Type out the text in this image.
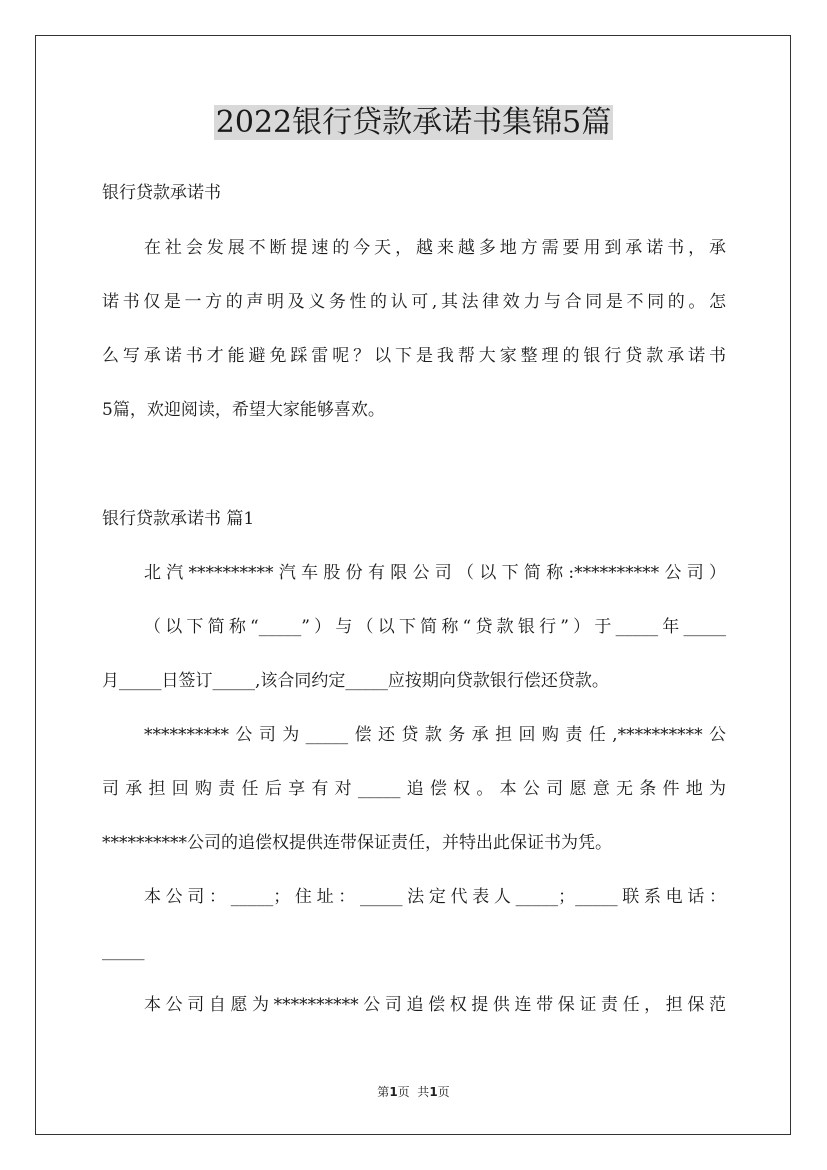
2022银行贷款承诺书集锦5篇
银行贷款承诺书
在社会发展不断提速的今天，越来越多地方需要用到承诺书，承
诺书仅是一方的声明及义务性的认可,其法律效力与合同是不同的。怎
么写承诺书才能避免踩雷呢？以下是我帮大家整理的银行贷款承诺书
5篇，欢迎阅读，希望大家能够喜欢。
银行贷款承诺书 篇1
北汽**********汽车股份有限公司（以下简称:**********公司）
（以下简称“_____”）与（以下简称“贷款银行”）于_____年_____
月_____日签订_____,该合同约定_____应按期向贷款银行偿还贷款。
**********公司为_____偿还贷款务承担回购责任,**********公
司承担回购责任后享有对_____追偿权。本公司愿意无条件地为
**********公司的追偿权提供连带保证责任，并特出此保证书为凭。
本公司：_____；住址：_____法定代表人_____；_____联系电话：
_____
本公司自愿为**********公司追偿权提供连带保证责任，担保范
第1页  共1页
